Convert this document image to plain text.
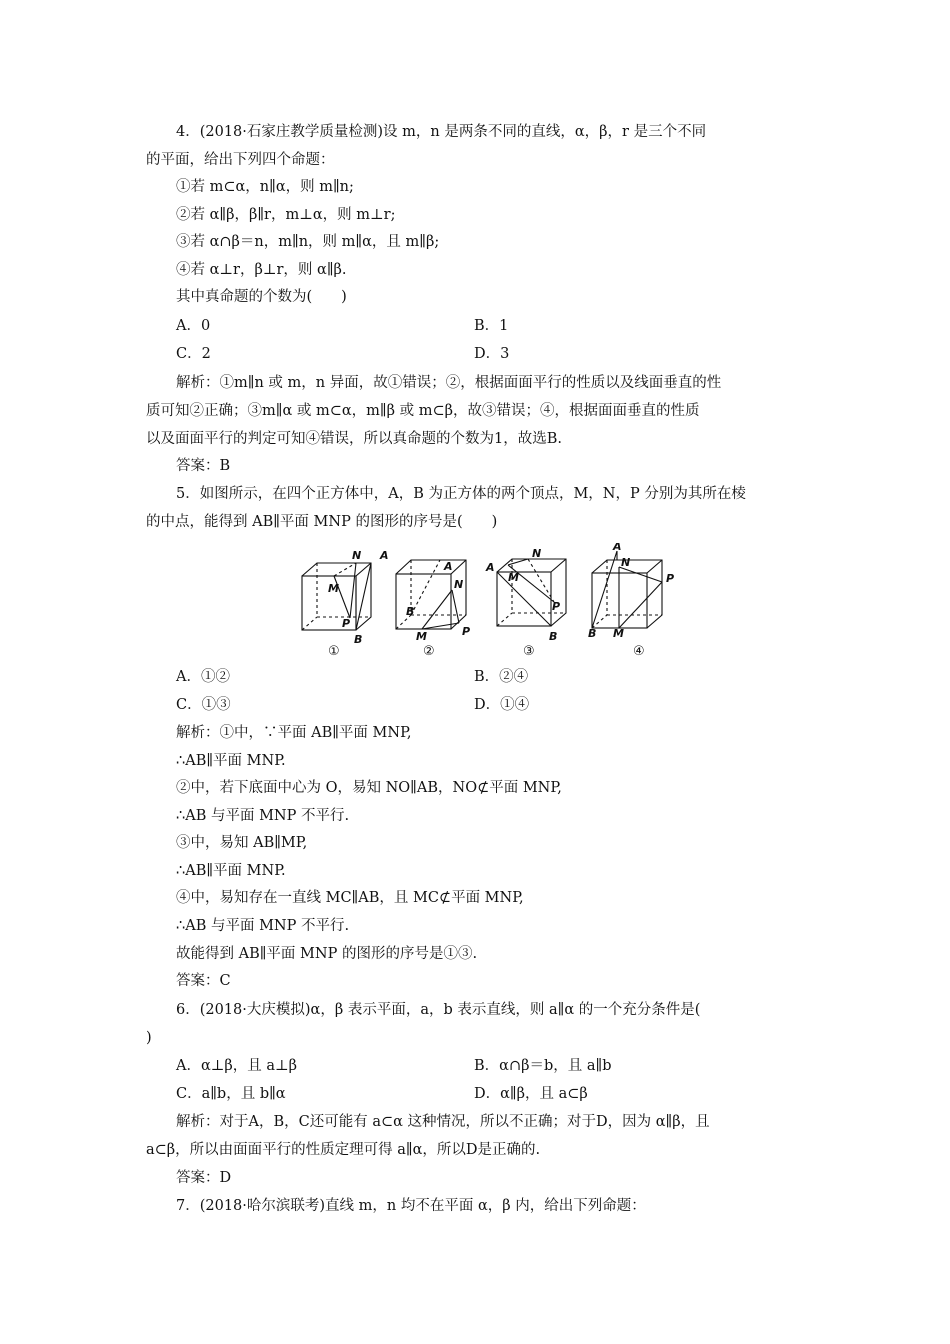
4．(2018·石家庄教学质量检测)设 m，n 是两条不同的直线，α，β，r 是三个不同
的平面，给出下列四个命题：
①若 m⊂α，n∥α，则 m∥n;
②若 α∥β，β∥r，m⊥α，则 m⊥r;
③若 α∩β＝n，m∥n，则 m∥α，且 m∥β;
④若 α⊥r，β⊥r，则 α∥β.
其中真命题的个数为(　　)
A．0	B．1
C．2	D．3
解析：①m∥n 或 m，n 异面，故①错误；②，根据面面平行的性质以及线面垂直的性
质可知②正确；③m∥α 或 m⊂α，m∥β 或 m⊂β，故③错误；④，根据面面垂直的性质
以及面面平行的判定可知④错误，所以真命题的个数为1，故选B.
答案：B
5．如图所示，在四个正方体中，A，B 为正方体的两个顶点，M，N，P 分别为其所在棱
的中点，能得到 AB∥平面 MNP 的图形的序号是(　　)
N A
M
P
B
A
N
B
M	P
A
N
M
P
B
A
N
P
B M
①	②	③	④
A．①②	B．②④
C．①③	D．①④
解析：①中，∵平面 AB∥平面 MNP,
∴AB∥平面 MNP.
②中，若下底面中心为 O，易知 NO∥AB，NO⊄平面 MNP,
∴AB 与平面 MNP 不平行.
③中，易知 AB∥MP,
∴AB∥平面 MNP.
④中，易知存在一直线 MC∥AB，且 MC⊄平面 MNP,
∴AB 与平面 MNP 不平行.
故能得到 AB∥平面 MNP 的图形的序号是①③.
答案：C
6．(2018·大庆模拟)α，β 表示平面，a，b 表示直线，则 a∥α 的一个充分条件是(
)
A．α⊥β，且 a⊥β	B．α∩β＝b，且 a∥b
C．a∥b，且 b∥α	D．α∥β，且 a⊂β
解析：对于A，B，C还可能有 a⊂α 这种情况，所以不正确；对于D，因为 α∥β，且
a⊂β，所以由面面平行的性质定理可得 a∥α，所以D是正确的.
答案：D
7．(2018·哈尔滨联考)直线 m，n 均不在平面 α，β 内，给出下列命题：
